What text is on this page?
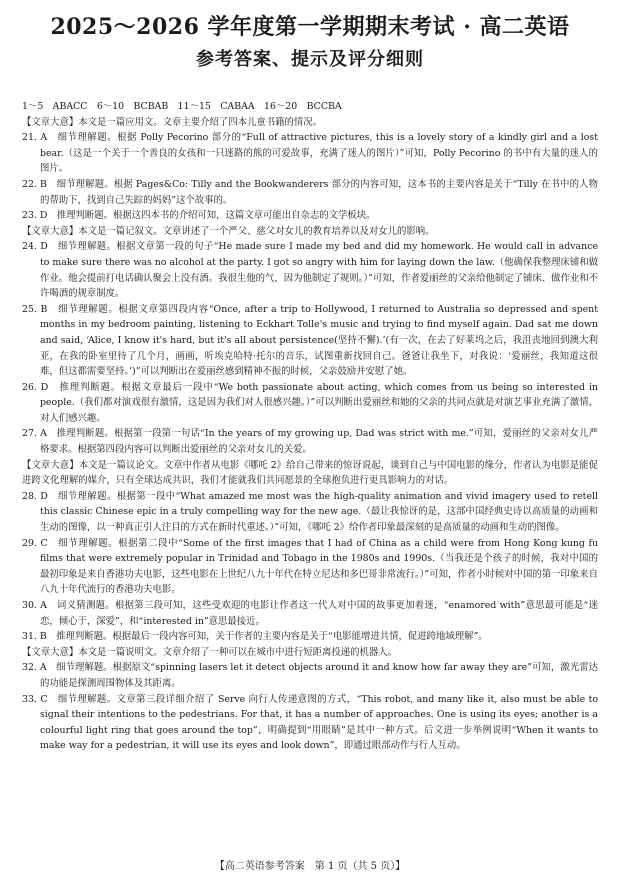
2025～2026 学年度第一学期期末考试 · 高二英语
参考答案、提示及评分细则

1～5　ABACC　6～10　BCBAB　11～15　CABAA　16～20　BCCBA

【文章大意】本文是一篇应用文。文章主要介绍了四本儿童书籍的情况。

21. A　细节理解题。根据 Polly Pecorino 部分的“Full of attractive pictures, this is a lovely story of a kindly girl and a lost bear.（这是一个关于一个善良的女孩和一只迷路的熊的可爱故事，充满了迷人的图片）”可知，Polly Pecorino 的书中有大量的迷人的图片。

22. B　细节理解题。根据 Pages&Co: Tilly and the Bookwanderers 部分的内容可知，这本书的主要内容是关于“Tilly 在书中的人物的帮助下，找到自己失踪的妈妈”这个故事的。

23. D　推理判断题。根据这四本书的介绍可知，这篇文章可能出自杂志的文学板块。

【文章大意】本文是一篇记叙文。文章讲述了一个严父、慈父对女儿的教育培养以及对女儿的影响。

24. D　细节理解题。根据文章第一段的句子“He made sure I made my bed and did my homework. He would call in advance to make sure there was no alcohol at the party. I got so angry with him for laying down the law.（他确保我整理床铺和做作业。他会提前打电话确认聚会上没有酒。我很生他的气，因为他制定了规则。）”可知，作者爱丽丝的父亲给他制定了铺床、做作业和不许喝酒的规章制度。

25. B　细节理解题。根据文章第四段内容“Once, after a trip to Hollywood, I returned to Australia so depressed and spent months in my bedroom painting, listening to Eckhart Tolle's music and trying to find myself again. Dad sat me down and said, ‘Alice, I know it's hard, but it's all about persistence(坚持不懈).’(有一次，在去了好莱坞之后，我沮丧地回到澳大利亚，在我的卧室里待了几个月，画画，听埃克哈特·托尔的音乐，试图重新找回自己。爸爸让我坐下，对我说：‘爱丽丝，我知道这很难，但这都需要坚持。’)”可以判断出在爱丽丝感到精神不振的时候，父亲鼓励并安慰了她。

26. D　推理判断题。根据文章最后一段中“We both passionate about acting, which comes from us being so interested in people.（我们都对演戏很有激情，这是因为我们对人很感兴趣。）”可以判断出爱丽丝和她的父亲的共同点就是对演艺事业充满了激情，对人们感兴趣。

27. A　推理判断题。根据第一段第一句话“In the years of my growing up, Dad was strict with me.”可知，爱丽丝的父亲对女儿严格要求。根据第四段内容可以判断出爱丽丝的父亲对女儿的关爱。

【文章大意】本文是一篇议论文。文章中作者从电影《哪吒 2》给自己带来的惊讶说起，谈到自己与中国电影的缘分，作者认为电影是能促进跨文化理解的媒介，只有全球达成共识，我们才能就我们共同愿景的全球抱负进行更具影响力的对话。

28. D　细节理解题。根据第一段中“What amazed me most was the high-quality animation and vivid imagery used to retell this classic Chinese epic in a truly compelling way for the new age.（最让我惊讶的是，这部中国经典史诗以高质量的动画和生动的图像，以一种真正引人注目的方式在新时代重述。）”可知，《哪吒 2》给作者印象最深刻的是高质量的动画和生动的图像。

29. C　细节理解题。根据第二段中“Some of the first images that I had of China as a child were from Hong Kong kung fu films that were extremely popular in Trinidad and Tobago in the 1980s and 1990s.（当我还是个孩子的时候，我对中国的最初印象是来自香港功夫电影，这些电影在上世纪八九十年代在特立尼达和多巴哥非常流行。）”可知，作者小时候对中国的第一印象来自八九十年代流行的香港功夫电影。

30. A　词义猜测题。根据第三段可知，这些受欢迎的电影让作者这一代人对中国的故事更加着迷，“enamored with”意思最可能是“迷恋，倾心于，深爱”，和“interested in”意思最接近。

31. B　推理判断题。根据最后一段内容可知，关于作者的主要内容是关于“电影能增进共情，促进跨地域理解”。

【文章大意】本文是一篇说明文。文章介绍了一种可以在城市中进行短距离投递的机器人。

32. A　细节理解题。根据原文“spinning lasers let it detect objects around it and know how far away they are”可知，激光雷达的功能是探测周围物体及其距离。

33. C　细节理解题。文章第三段详细介绍了 Serve 向行人传递意图的方式，“This robot, and many like it, also must be able to signal their intentions to the pedestrians. For that, it has a number of approaches. One is using its eyes; another is a colourful light ring that goes around the top”，明确提到“用眼睛”是其中一种方式。后文进一步举例说明“When it wants to make way for a pedestrian, it will use its eyes and look down”，即通过眼部动作与行人互动。

【高二英语参考答案　第 1 页（共 5 页）】
